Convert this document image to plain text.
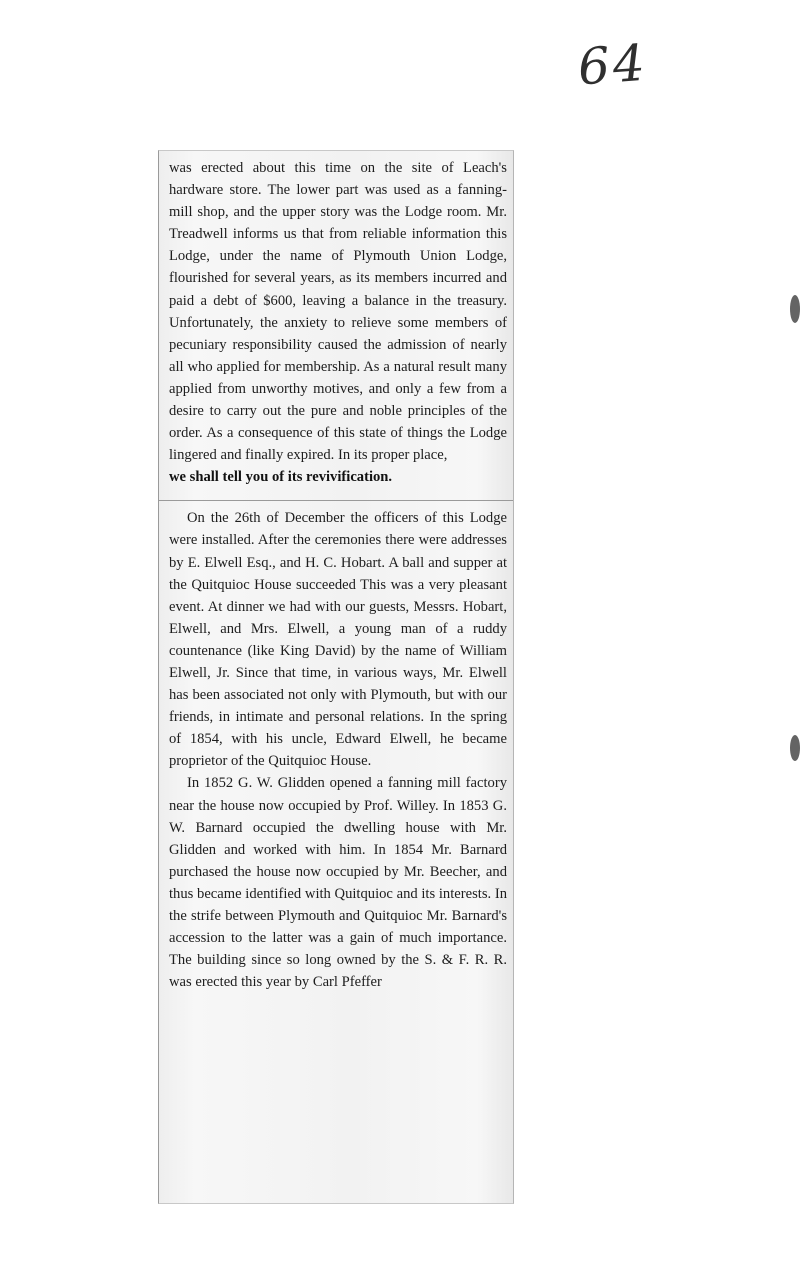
64

was erected about this time on the site of Leach's hardware store. The lower part was used as a fanning-mill shop, and the upper story was the Lodge room. Mr. Treadwell informs us that from reliable information this Lodge, under the name of Plymouth Union Lodge, flourished for several years, as its members incurred and paid a debt of $600, leaving a balance in the treasury. Unfortunately, the anxiety to relieve some members of pecuniary responsibility caused the admission of nearly all who applied for membership. As a natural result many applied from unworthy motives, and only a few from a desire to carry out the pure and noble principles of the order. As a consequence of this state of things the Lodge lingered and finally expired. In its proper place,

we shall tell you of its revivification.

On the 26th of December the officers of this Lodge were installed. After the ceremonies there were addresses by E. Elwell Esq., and H. C. Hobart. A ball and supper at the Quitquioc House succeeded This was a very pleasant event. At dinner we had with our guests, Messrs. Hobart, Elwell, and Mrs. Elwell, a young man of a ruddy countenance (like King David) by the name of William Elwell, Jr. Since that time, in various ways, Mr. Elwell has been associated not only with Plymouth, but with our friends, in intimate and personal relations. In the spring of 1854, with his uncle, Edward Elwell, he became proprietor of the Quitquioc House.

In 1852 G. W. Glidden opened a fanning mill factory near the house now occupied by Prof. Willey. In 1853 G. W. Barnard occupied the dwelling house with Mr. Glidden and worked with him. In 1854 Mr. Barnard purchased the house now occupied by Mr. Beecher, and thus became identified with Quitquioc and its interests. In the strife between Plymouth and Quitquioc Mr. Barnard's accession to the latter was a gain of much importance. The building since so long owned by the S. & F. R. R. was erected this year by Carl Pfeffer
